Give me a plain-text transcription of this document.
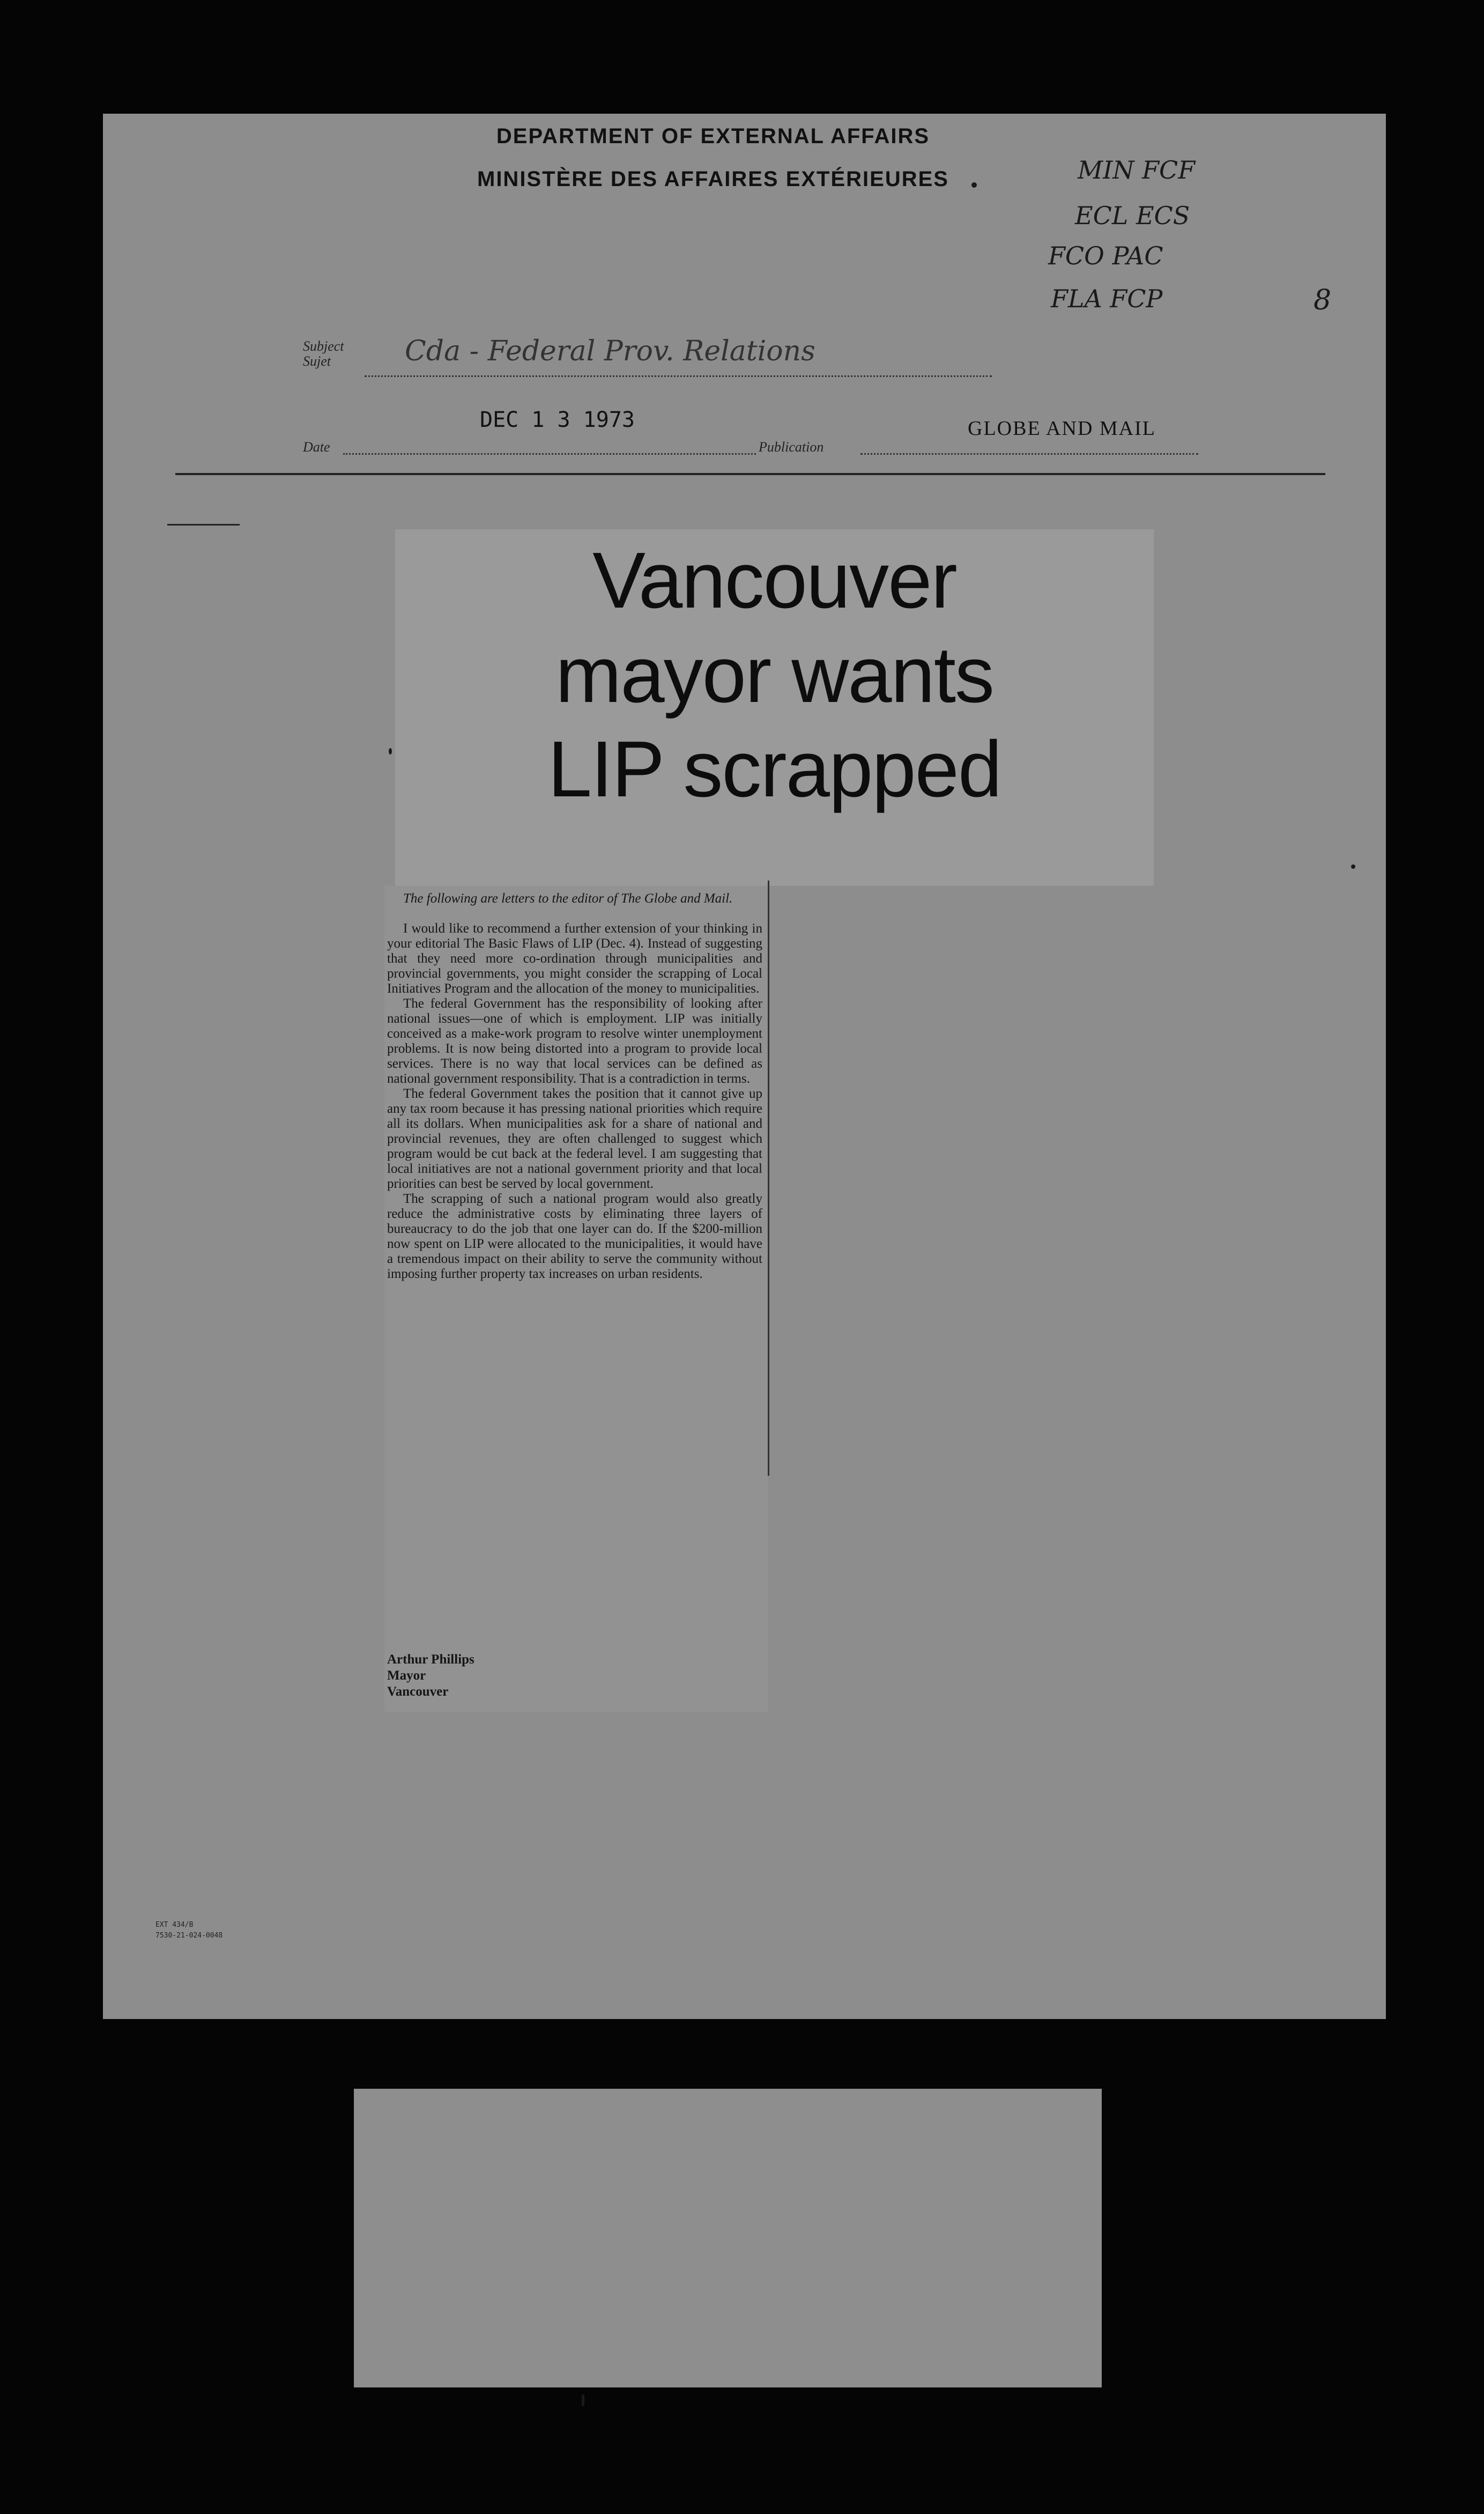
DEPARTMENT OF EXTERNAL AFFAIRS
MINISTÈRE DES AFFAIRES EXTÉRIEURES	MIN FCF
ECL ECS
FCO PAC
FLA FCP	8
Subject
Sujet	Cda - Federal Prov. Relations
DEC 1 3 1973
Date	Publication
GLOBE AND MAIL
Vancouver
mayor wants
LIP scrapped

The following are letters to the editor of The Globe and Mail.

I would like to recommend a further extension of your thinking in your editorial The Basic Flaws of LIP (Dec. 4). Instead of suggesting that they need more co-ordination through municipalities and provincial governments, you might consider the scrapping of Local Initiatives Program and the allocation of the money to municipalities.

The federal Government has the responsibility of looking after national issues—one of which is employment. LIP was initially conceived as a make-work program to resolve winter unemployment problems. It is now being distorted into a program to provide local services. There is no way that local services can be defined as national government responsibility. That is a contradiction in terms.

The federal Government takes the position that it cannot give up any tax room because it has pressing national priorities which require all its dollars. When municipalities ask for a share of national and provincial revenues, they are often challenged to suggest which program would be cut back at the federal level. I am suggesting that local initiatives are not a national government priority and that local priorities can best be served by local government.

The scrapping of such a national program would also greatly reduce the administrative costs by eliminating three layers of bureaucracy to do the job that one layer can do. If the $200-million now spent on LIP were allocated to the municipalities, it would have a tremendous impact on their ability to serve the community without imposing further property tax increases on urban residents.

Arthur Phillips
Mayor
Vancouver
EXT 434/B
7530-21-024-0048
